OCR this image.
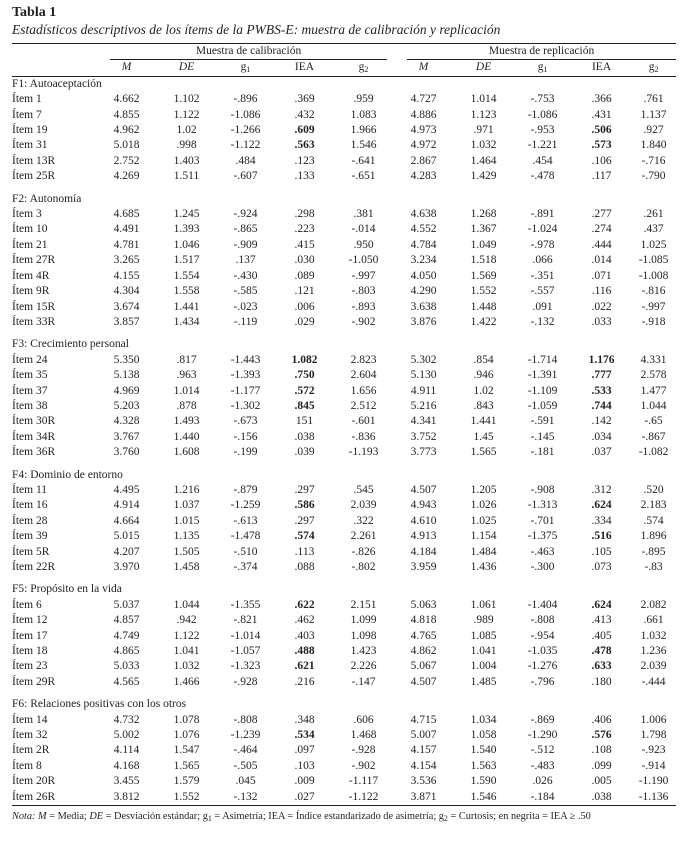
Tabla 1
Estadísticos descriptivos de los ítems de la PWBS-E: muestra de calibración y replicación

	Muestra de calibración					Muestra de replicación				

	M	DE	$g_1$	IEA	$g_2$	M	DE	$g_1$	IEA	$g_2$
F1: Autoaceptación										
Ítem 1	4.662	1.102	-.896	.369	.959	4.727	1.014	-.753	.366	.761
Ítem 7	4.855	1.122	-1.086	.432	1.083	4.886	1.123	-1.086	.431	1.137
Ítem 19	4.962	1.02	-1.266	.609	1.966	4.973	.971	-.953	.506	.927
Ítem 31	5.018	.998	-1.122	.563	1.546	4.972	1.032	-1.221	.573	1.840
Ítem 13R	2.752	1.403	.484	.123	-.641	2.867	1.464	.454	.106	-.716
Ítem 25R	4.269	1.511	-.607	.133	-.651	4.283	1.429	-.478	.117	-.790

F2: Autonomía										
Ítem 3	4.685	1.245	-.924	.298	.381	4.638	1.268	-.891	.277	.261
Ítem 10	4.491	1.393	-.865	.223	-.014	4.552	1.367	-1.024	.274	.437
Ítem 21	4.781	1.046	-.909	.415	.950	4.784	1.049	-.978	.444	1.025
Ítem 27R	3.265	1.517	.137	.030	-1.050	3.234	1.518	.066	.014	-1.085
Ítem 4R	4.155	1.554	-.430	.089	-.997	4.050	1.569	-.351	.071	-1.008
Ítem 9R	4.304	1.558	-.585	.121	-.803	4.290	1.552	-.557	.116	-.816
Ítem 15R	3.674	1.441	-.023	.006	-.893	3.638	1.448	.091	.022	-.997
Ítem 33R	3.857	1.434	-.119	.029	-.902	3.876	1.422	-.132	.033	-.918

F3: Crecimiento personal										
Ítem 24	5.350	.817	-1.443	1.082	2.823	5.302	.854	-1.714	1.176	4.331
Ítem 35	5.138	.963	-1.393	.750	2.604	5.130	.946	-1.391	.777	2.578
Ítem 37	4.969	1.014	-1.177	.572	1.656	4.911	1.02	-1.109	.533	1.477
Ítem 38	5.203	.878	-1.302	.845	2.512	5.216	.843	-1.059	.744	1.044
Ítem 30R	4.328	1.493	-.673	151	-.601	4.341	1.441	-.591	.142	-.65
Ítem 34R	3.767	1.440	-.156	.038	-.836	3.752	1.45	-.145	.034	-.867
Ítem 36R	3.760	1.608	-.199	.039	-1.193	3.773	1.565	-.181	.037	-1.082

F4: Dominio de entorno										
Ítem 11	4.495	1.216	-.879	.297	.545	4.507	1.205	-.908	.312	.520
Ítem 16	4.914	1.037	-1.259	.586	2.039	4.943	1.026	-1.313	.624	2.183
Ítem 28	4.664	1.015	-.613	.297	.322	4.610	1.025	-.701	.334	.574
Ítem 39	5.015	1.135	-1.478	.574	2.261	4.913	1.154	-1.375	.516	1.896
Ítem 5R	4.207	1.505	-.510	.113	-.826	4.184	1.484	-.463	.105	-.895
Ítem 22R	3.970	1.458	-.374	.088	-.802	3.959	1.436	-.300	.073	-.83

F5: Propósito en la vida										
Ítem 6	5.037	1.044	-1.355	.622	2.151	5.063	1.061	-1.404	.624	2.082
Ítem 12	4.857	.942	-.821	.462	1.099	4.818	.989	-.808	.413	.661
Ítem 17	4.749	1.122	-1.014	.403	1.098	4.765	1.085	-.954	.405	1.032
Ítem 18	4.865	1.041	-1.057	.488	1.423	4.862	1.041	-1.035	.478	1.236
Ítem 23	5.033	1.032	-1.323	.621	2.226	5.067	1.004	-1.276	.633	2.039
Ítem 29R	4.565	1.466	-.928	.216	-.147	4.507	1.485	-.796	.180	-.444

F6: Relaciones positivas con los otros										
Ítem 14	4.732	1.078	-.808	.348	.606	4.715	1.034	-.869	.406	1.006
Ítem 32	5.002	1.076	-1.239	.534	1.468	5.007	1.058	-1.290	.576	1.798
Ítem 2R	4.114	1.547	-.464	.097	-.928	4.157	1.540	-.512	.108	-.923
Ítem 8	4.168	1.565	-.505	.103	-.902	4.154	1.563	-.483	.099	-.914
Ítem 20R	3.455	1.579	.045	.009	-1.117	3.536	1.590	.026	.005	-1.190
Ítem 26R	3.812	1.552	-.132	.027	-1.122	3.871	1.546	-.184	.038	-1.136
Nota: M = Media; DE = Desviación estándar; $g_1$ = Asimetría; IEA = Índice estandarizado de asimetría; $g_2$ = Curtosis; en negrita = IEA ≥ .50
